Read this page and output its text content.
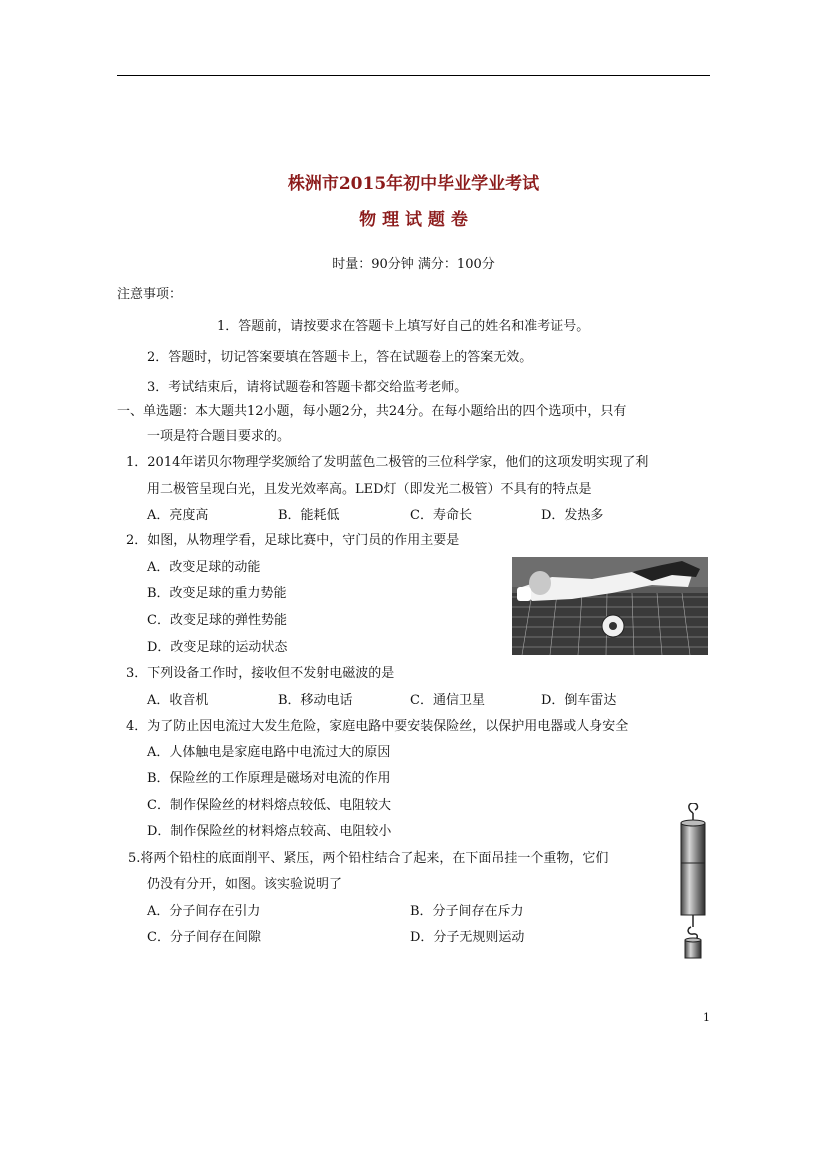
株洲市2015年初中毕业学业考试
物 理 试 题 卷
时量：90分钟 满分：100分
注意事项：
1．答题前，请按要求在答题卡上填写好自己的姓名和准考证号。
2．答题时，切记答案要填在答题卡上，答在试题卷上的答案无效。
3．考试结束后，请将试题卷和答题卡都交给监考老师。
一、单选题：本大题共12小题，每小题2分，共24分。在每小题给出的四个选项中，只有
一项是符合题目要求的。
1．2014年诺贝尔物理学奖颁给了发明蓝色二极管的三位科学家，他们的这项发明实现了利
用二极管呈现白光，且发光效率高。LED灯（即发光二极管）不具有的特点是
A．亮度高	B．能耗低	C．寿命长	D．发热多
2．如图，从物理学看，足球比赛中，守门员的作用主要是
A．改变足球的动能
B．改变足球的重力势能
C．改变足球的弹性势能
D．改变足球的运动状态
3．下列设备工作时，接收但不发射电磁波的是
A．收音机	B．移动电话	C．通信卫星	D．倒车雷达
4．为了防止因电流过大发生危险，家庭电路中要安装保险丝，以保护用电器或人身安全
A．人体触电是家庭电路中电流过大的原因
B．保险丝的工作原理是磁场对电流的作用
C．制作保险丝的材料熔点较低、电阻较大
D．制作保险丝的材料熔点较高、电阻较小
5.将两个铅柱的底面削平、紧压，两个铅柱结合了起来，在下面吊挂一个重物，它们
仍没有分开，如图。该实验说明了
A．分子间存在引力	B．分子间存在斥力
C．分子间存在间隙	D．分子无规则运动
1
